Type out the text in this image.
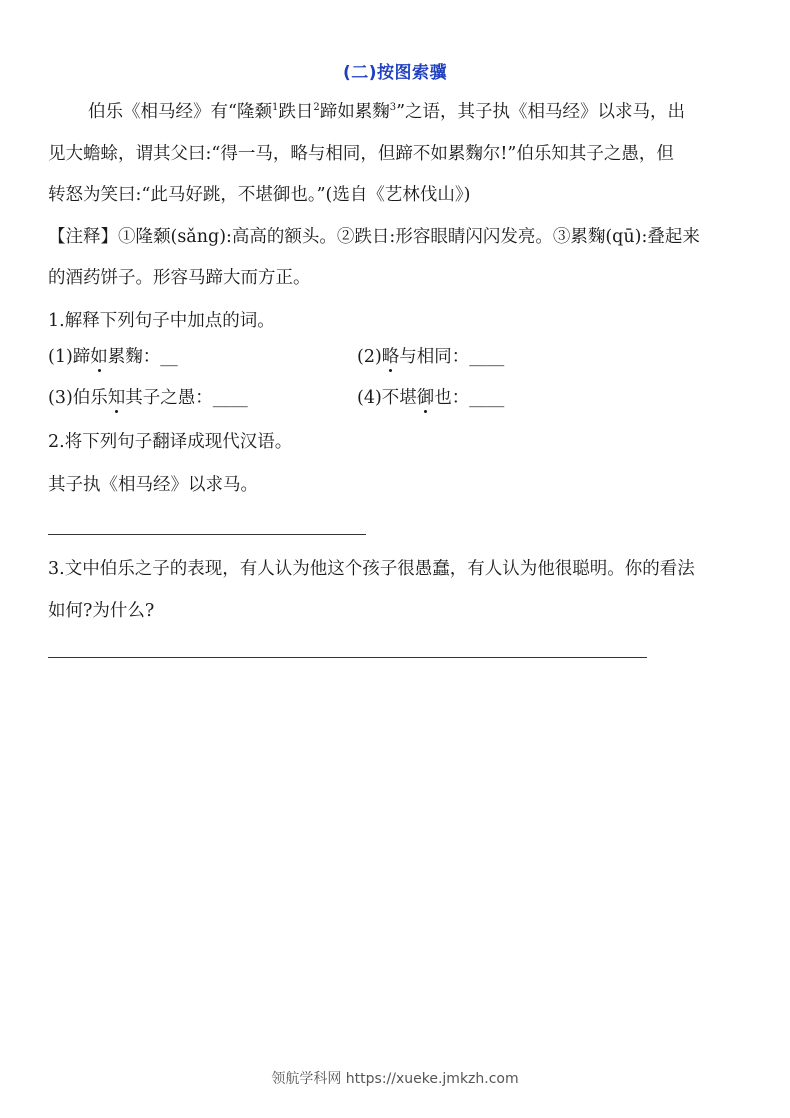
(二)按图索骥
伯乐《相马经》有“隆颡$^1$跌日$^2$蹄如累麴$^3$”之语，其子执《相马经》以求马，出
见大蟾蜍，谓其父曰:“得一马，略与相同，但蹄不如累麴尔!”伯乐知其子之愚，但
转怒为笑曰:“此马好跳，不堪御也。”(选自《艺林伐山》)
【注释】①隆颡(sǎng):高高的额头。②跌日:形容眼睛闪闪发亮。③累麴(qū):叠起来
的酒药饼子。形容马蹄大而方正。
1.解释下列句子中加点的词。
(1)蹄如累麴：__	(2)略与相同：____
(3)伯乐知其子之愚：____	(4)不堪御也：____
2.将下列句子翻译成现代汉语。
其子执《相马经》以求马。
3.文中伯乐之子的表现，有人认为他这个孩子很愚蠢，有人认为他很聪明。你的看法
如何?为什么?
领航学科网 https://xueke.jmkzh.com
